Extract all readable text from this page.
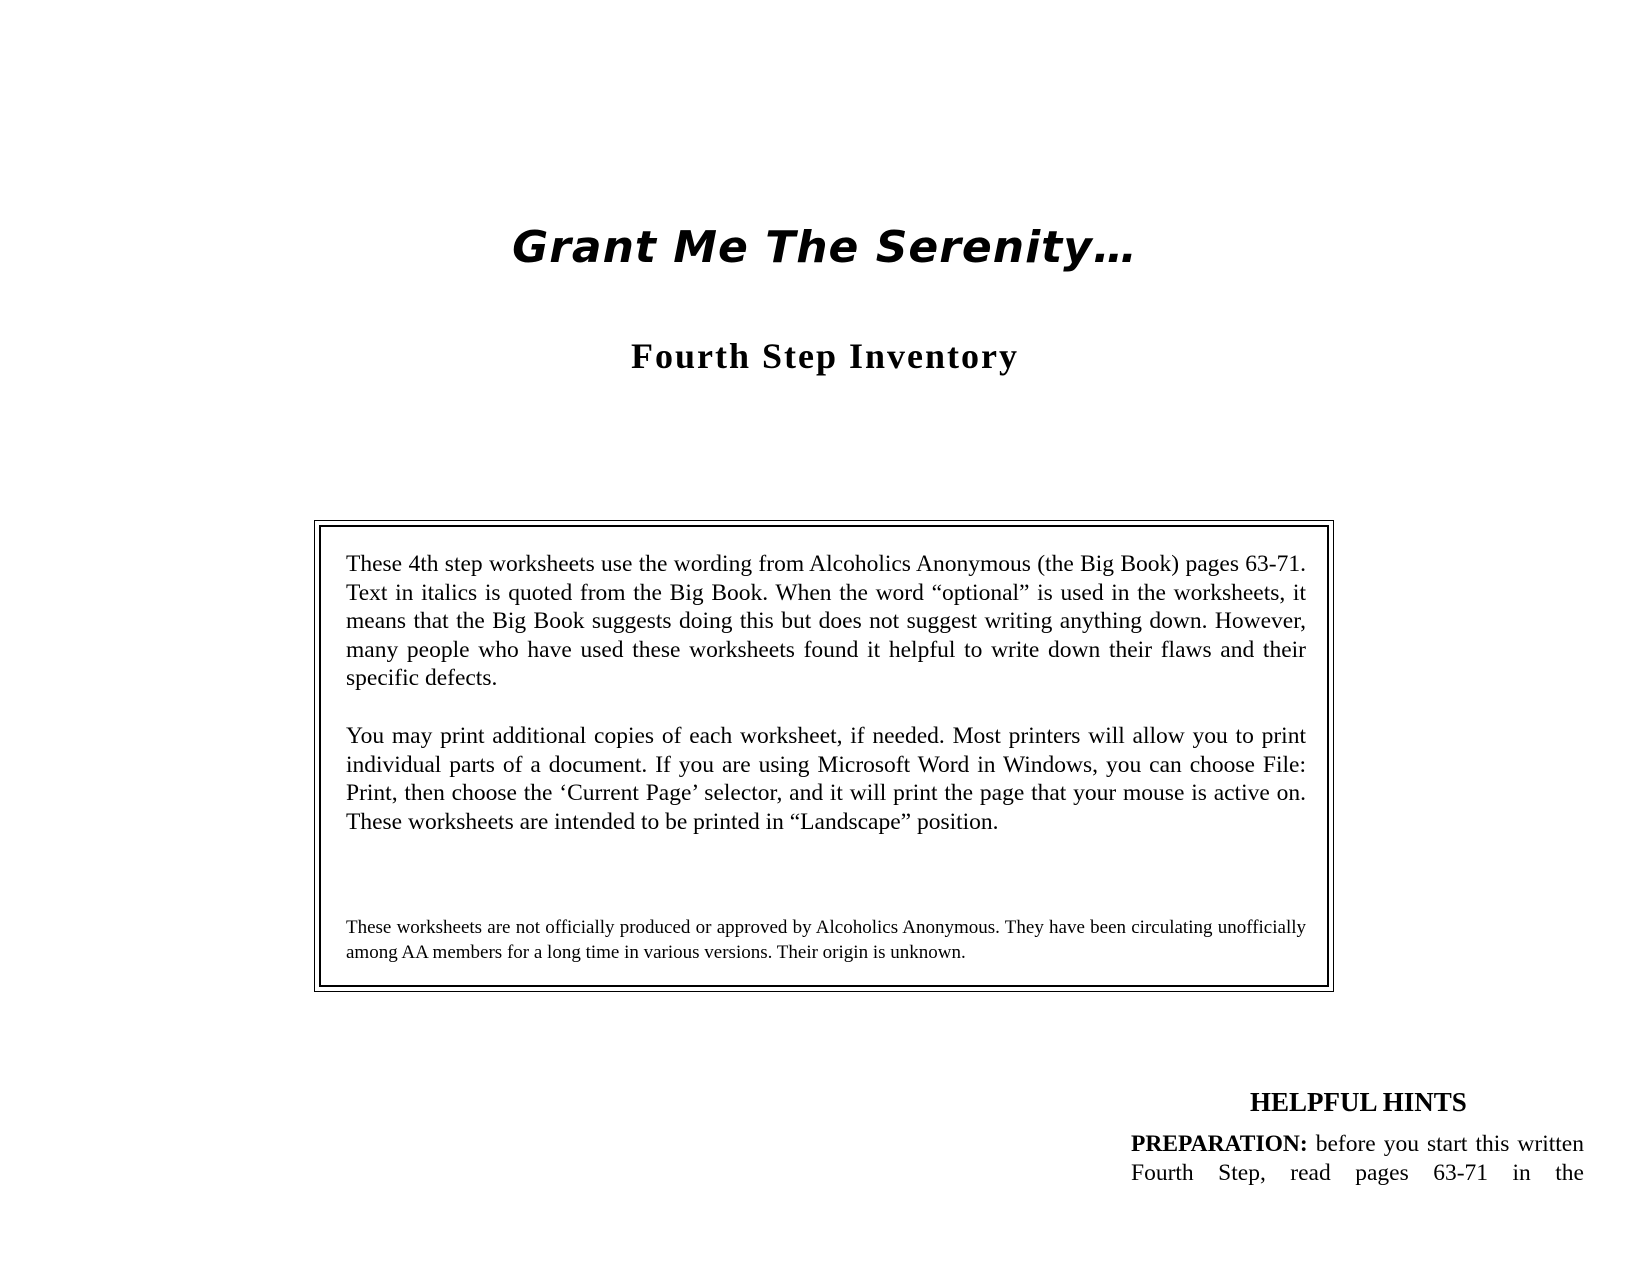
Grant Me The Serenity…
Fourth Step Inventory
These 4th step worksheets use the wording from Alcoholics Anonymous (the Big Book) pages 63-71. Text in italics is quoted from the Big Book. When the word “optional” is used in the worksheets, it means that the Big Book suggests doing this but does not suggest writing anything down. However, many people who have used these worksheets found it helpful to write down their flaws and their specific defects.
You may print additional copies of each worksheet, if needed. Most printers will allow you to print individual parts of a document. If you are using Microsoft Word in Windows, you can choose File: Print, then choose the ‘Current Page’ selector, and it will print the page that your mouse is active on. These worksheets are intended to be printed in “Landscape” position.
These worksheets are not officially produced or approved by Alcoholics Anonymous. They have been circulating unofficially among AA members for a long time in various versions. Their origin is unknown.
HELPFUL HINTS
PREPARATION: before you start this written Fourth Step, read pages 63-71 in the
